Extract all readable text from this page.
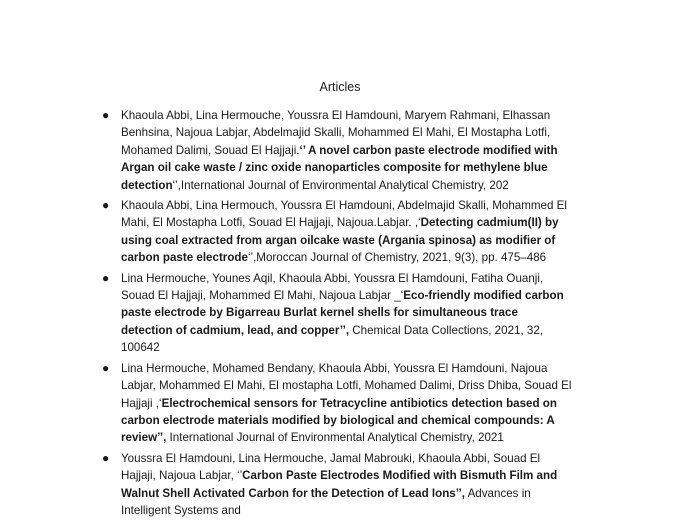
Articles
● Khaoula Abbi, Lina Hermouche, Youssra El Hamdouni, Maryem Rahmani, Elhassan Benhsina, Najoua Labjar, Abdelmajid Skalli, Mohammed El Mahi, El Mostapha Lotfi, Mohamed Dalimi, Souad El Hajjaji.‘’ A novel carbon paste electrode modified with Argan oil cake waste / zinc oxide nanoparticles composite for methylene blue detection‘’,International Journal of Environmental Analytical Chemistry, 202
● Khaoula Abbi, Lina Hermouch, Youssra El Hamdouni, Abdelmajid Skalli, Mohammed El Mahi, El Mostapha Lotfi, Souad El Hajjaji, Najoua.Labjar. ,‘Detecting cadmium(II) by using coal extracted from argan oilcake waste (Argania spinosa) as modifier of carbon paste electrode‘’,Moroccan Journal of Chemistry, 2021, 9(3), pp. 475–486
● Lina Hermouche, Younes Aqil, Khaoula Abbi, Youssra El Hamdouni, Fatiha Ouanji, Souad El Hajjaji, Mohammed El Mahi, Najoua Labjar _‘Eco-friendly modified carbon paste electrode by Bigarreau Burlat kernel shells for simultaneous trace detection of cadmium, lead, and copper’’, Chemical Data Collections, 2021, 32, 100642
● Lina Hermouche, Mohamed Bendany, Khaoula Abbi, Youssra El Hamdouni, Najoua Labjar, Mohammed El Mahi, El mostapha Lotfi, Mohamed Dalimi, Driss Dhiba, Souad El Hajjaji ,‘Electrochemical sensors for Tetracycline antibiotics detection based on carbon electrode materials modified by biological and chemical compounds: A review’’, International Journal of Environmental Analytical Chemistry, 2021
● Youssra El Hamdouni, Lina Hermouche, Jamal Mabrouki, Khaoula Abbi, Souad El Hajjaji, Najoua Labjar, ‘’Carbon Paste Electrodes Modified with Bismuth Film and Walnut Shell Activated Carbon for the Detection of Lead Ions’’, Advances in Intelligent Systems and
